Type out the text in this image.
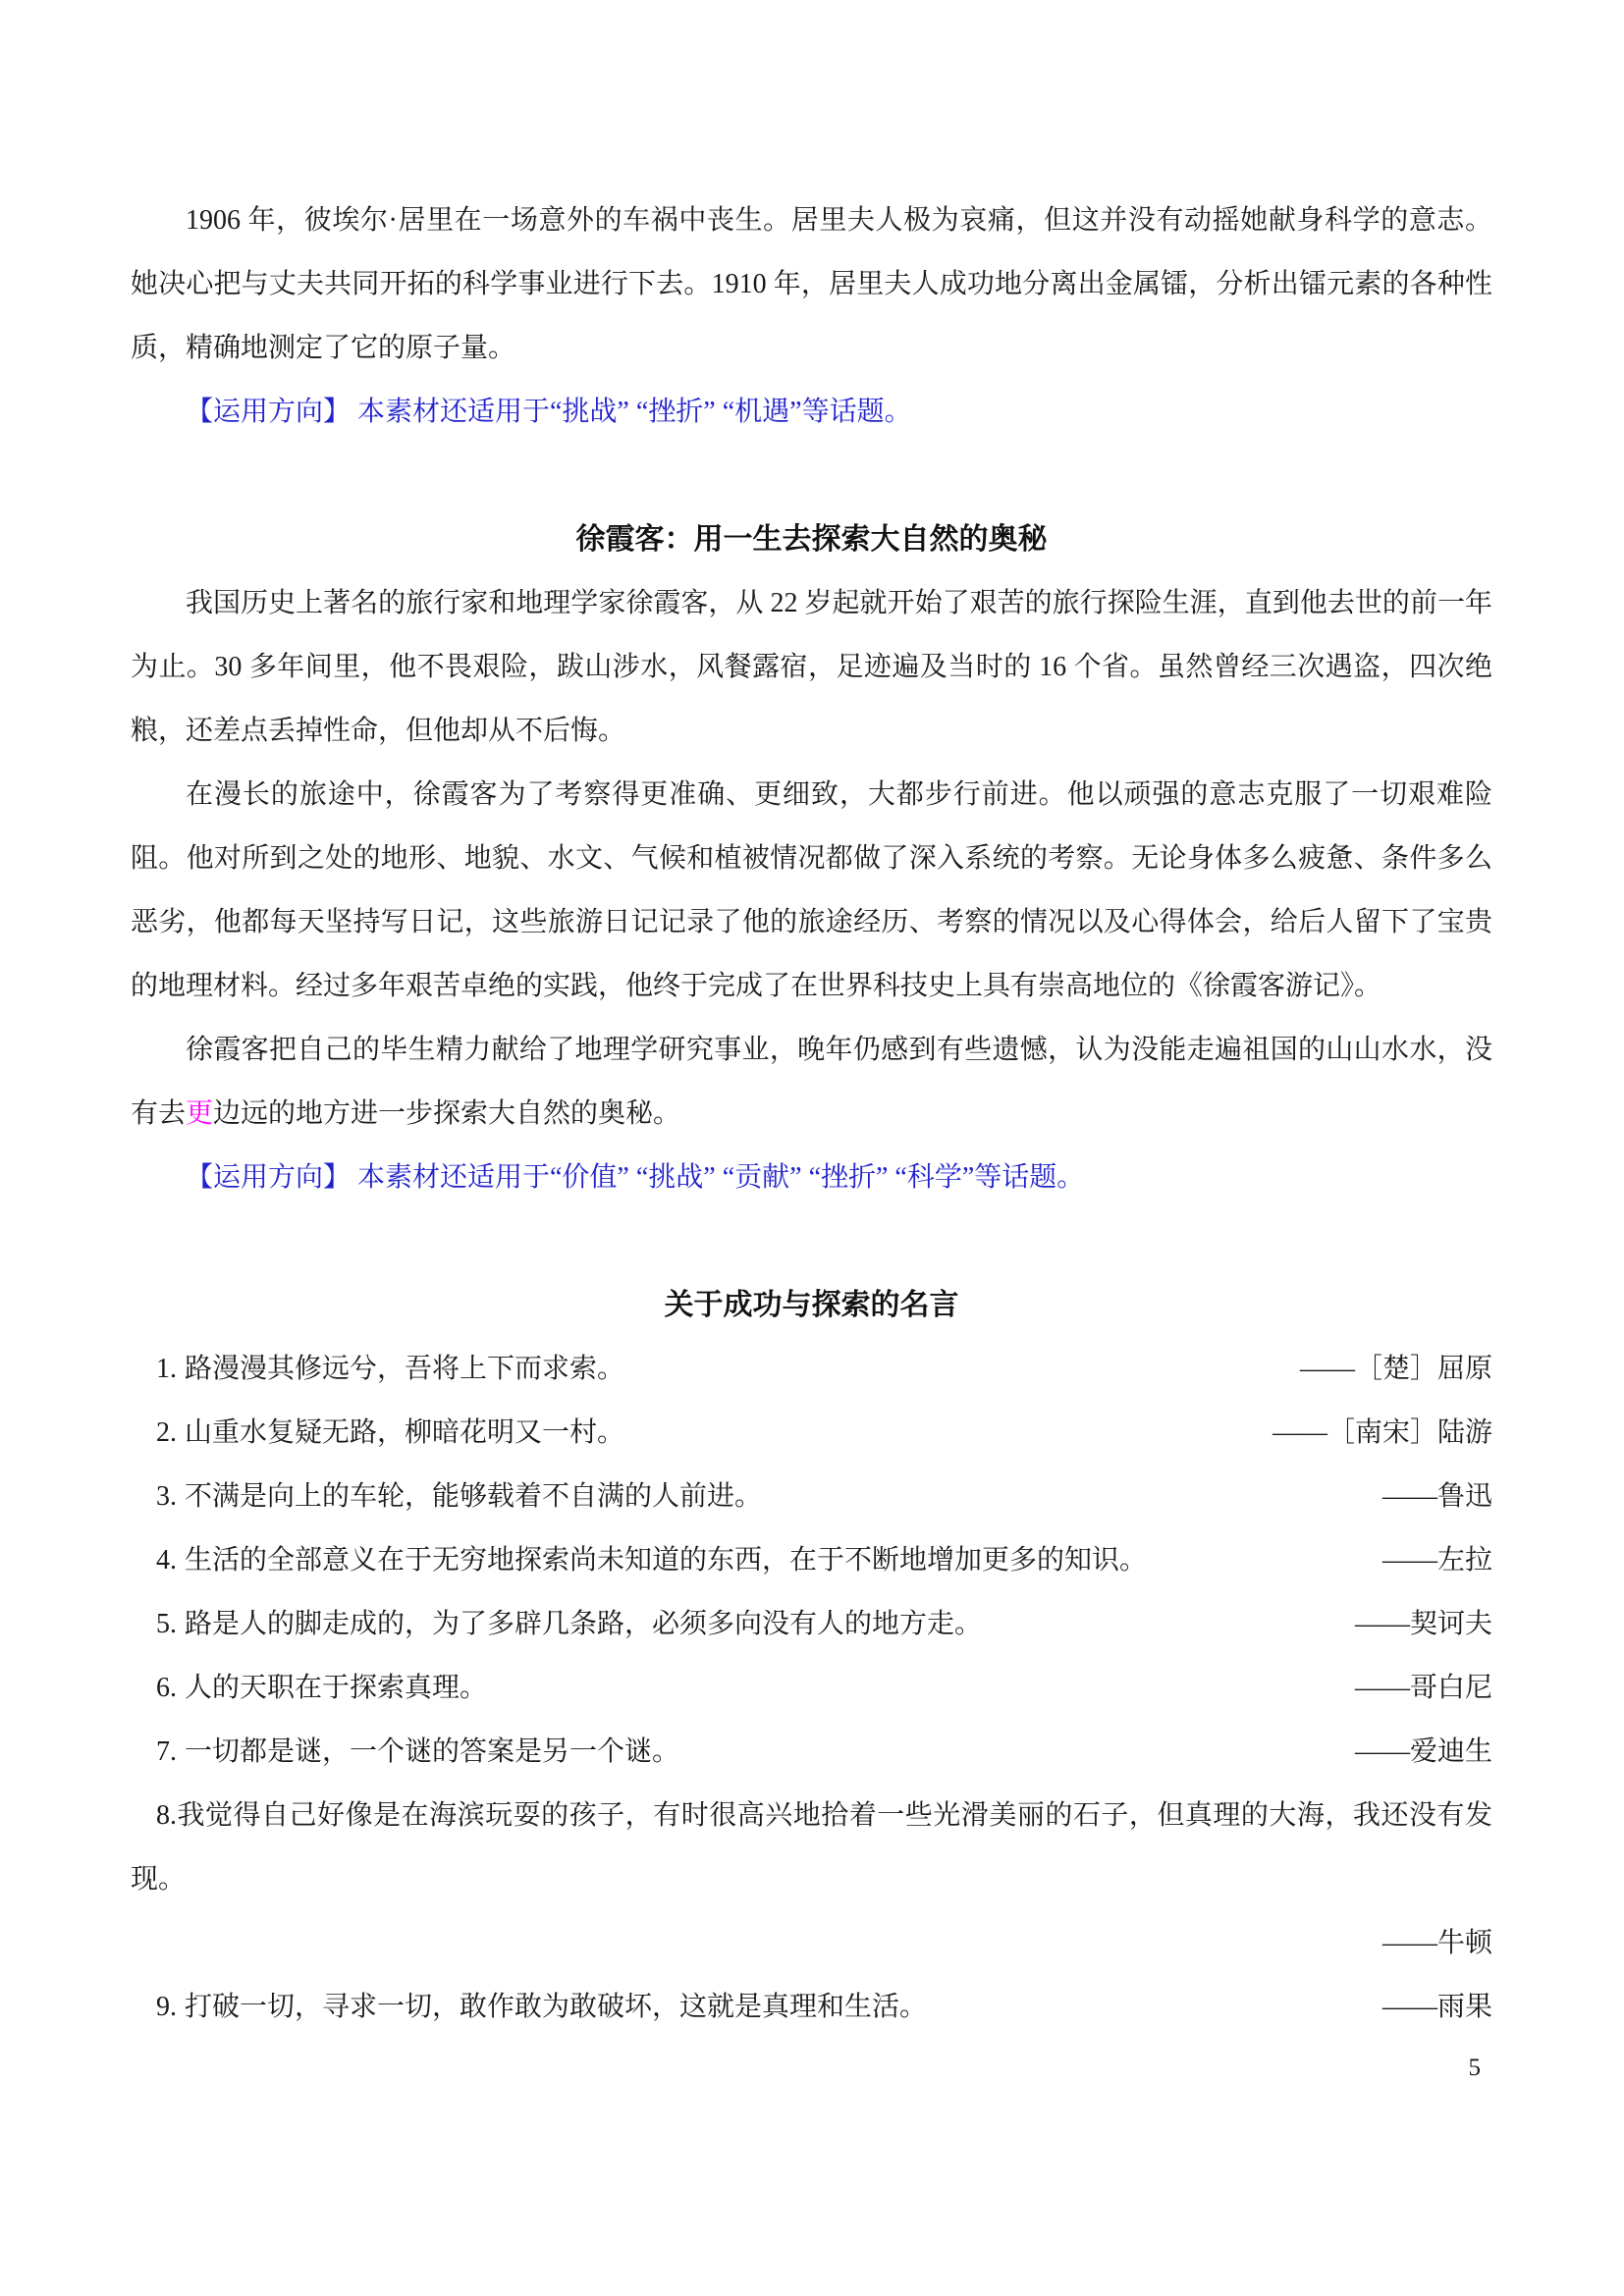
1906 年，彼埃尔·居里在一场意外的车祸中丧生。居里夫人极为哀痛，但这并没有动摇她献身科学的意志。她决心把与丈夫共同开拓的科学事业进行下去。1910 年，居里夫人成功地分离出金属镭，分析出镭元素的各种性质，精确地测定了它的原子量。

【运用方向】 本素材还适用于“挑战” “挫折” “机遇”等话题。

徐霞客：用一生去探索大自然的奥秘

我国历史上著名的旅行家和地理学家徐霞客，从 22 岁起就开始了艰苦的旅行探险生涯，直到他去世的前一年为止。30 多年间里，他不畏艰险，跋山涉水，风餐露宿，足迹遍及当时的 16 个省。虽然曾经三次遇盗，四次绝粮，还差点丢掉性命，但他却从不后悔。

在漫长的旅途中，徐霞客为了考察得更准确、更细致，大都步行前进。他以顽强的意志克服了一切艰难险阻。他对所到之处的地形、地貌、水文、气候和植被情况都做了深入系统的考察。无论身体多么疲惫、条件多么恶劣，他都每天坚持写日记，这些旅游日记记录了他的旅途经历、考察的情况以及心得体会，给后人留下了宝贵的地理材料。经过多年艰苦卓绝的实践，他终于完成了在世界科技史上具有崇高地位的《徐霞客游记》。

徐霞客把自己的毕生精力献给了地理学研究事业，晚年仍感到有些遗憾，认为没能走遍祖国的山山水水，没有去更边远的地方进一步探索大自然的奥秘。

【运用方向】 本素材还适用于“价值” “挑战” “贡献” “挫折” “科学”等话题。

关于成功与探索的名言
1. 路漫漫其修远兮，吾将上下而求索。	——［楚］屈原
2. 山重水复疑无路，柳暗花明又一村。	——［南宋］陆游
3. 不满是向上的车轮，能够载着不自满的人前进。	——鲁迅
4. 生活的全部意义在于无穷地探索尚未知道的东西，在于不断地增加更多的知识。	——左拉
5. 路是人的脚走成的，为了多辟几条路，必须多向没有人的地方走。	——契诃夫
6. 人的天职在于探索真理。	——哥白尼
7. 一切都是谜，一个谜的答案是另一个谜。	——爱迪生

8.我觉得自己好像是在海滨玩耍的孩子，有时很高兴地拾着一些光滑美丽的石子，但真理的大海，我还没有发现。

——牛顿

9. 打破一切，寻求一切，敢作敢为敢破坏，这就是真理和生活。	——雨果
5
